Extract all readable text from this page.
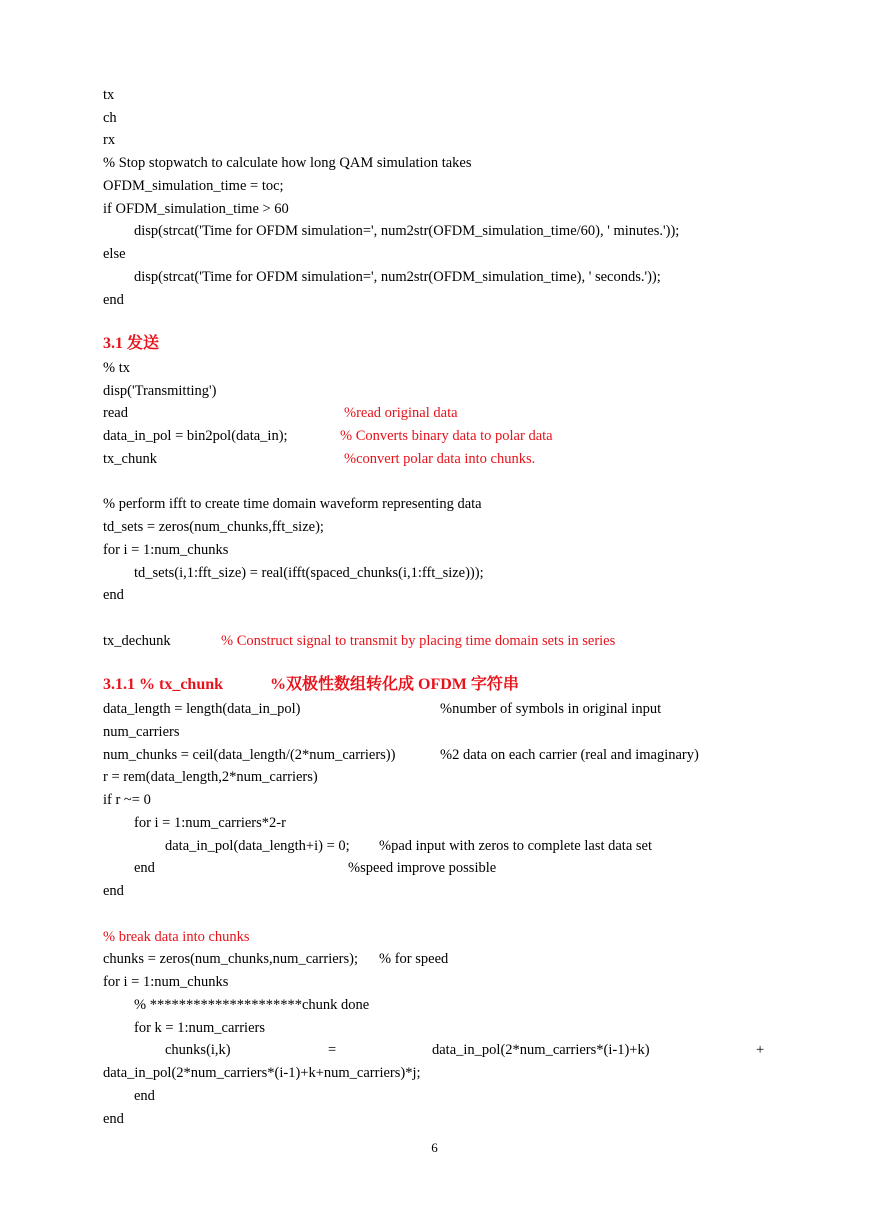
tx
ch
rx
% Stop stopwatch to calculate how long QAM simulation takes
OFDM_simulation_time = toc;
if OFDM_simulation_time > 60
disp(strcat('Time for OFDM simulation=', num2str(OFDM_simulation_time/60), ' minutes.'));
else
disp(strcat('Time for OFDM simulation=', num2str(OFDM_simulation_time), ' seconds.'));
end
3.1 发送
% tx
disp('Transmitting')
read	%read original data
data_in_pol = bin2pol(data_in);	% Converts binary data to polar data
tx_chunk	%convert polar data into chunks.
% perform ifft to create time domain waveform representing data
td_sets = zeros(num_chunks,fft_size);
for i = 1:num_chunks
td_sets(i,1:fft_size) = real(ifft(spaced_chunks(i,1:fft_size)));
end
tx_dechunk	% Construct signal to transmit by placing time domain sets in series
3.1.1 % tx_chunk	%双极性数组转化成 OFDM 字符串
data_length = length(data_in_pol)	%number of symbols in original input
num_carriers
num_chunks = ceil(data_length/(2*num_carriers))	%2 data on each carrier (real and imaginary)
r = rem(data_length,2*num_carriers)
if r ~= 0
for i = 1:num_carriers*2-r
data_in_pol(data_length+i) = 0; %pad input with zeros to complete last data set
end	%speed improve possible
end
% break data into chunks
chunks = zeros(num_chunks,num_carriers); % for speed
for i = 1:num_chunks
% *********************chunk done
for k = 1:num_carriers
chunks(i,k)	=	data_in_pol(2*num_carriers*(i-1)+k)	+
data_in_pol(2*num_carriers*(i-1)+k+num_carriers)*j;
end
end
6
